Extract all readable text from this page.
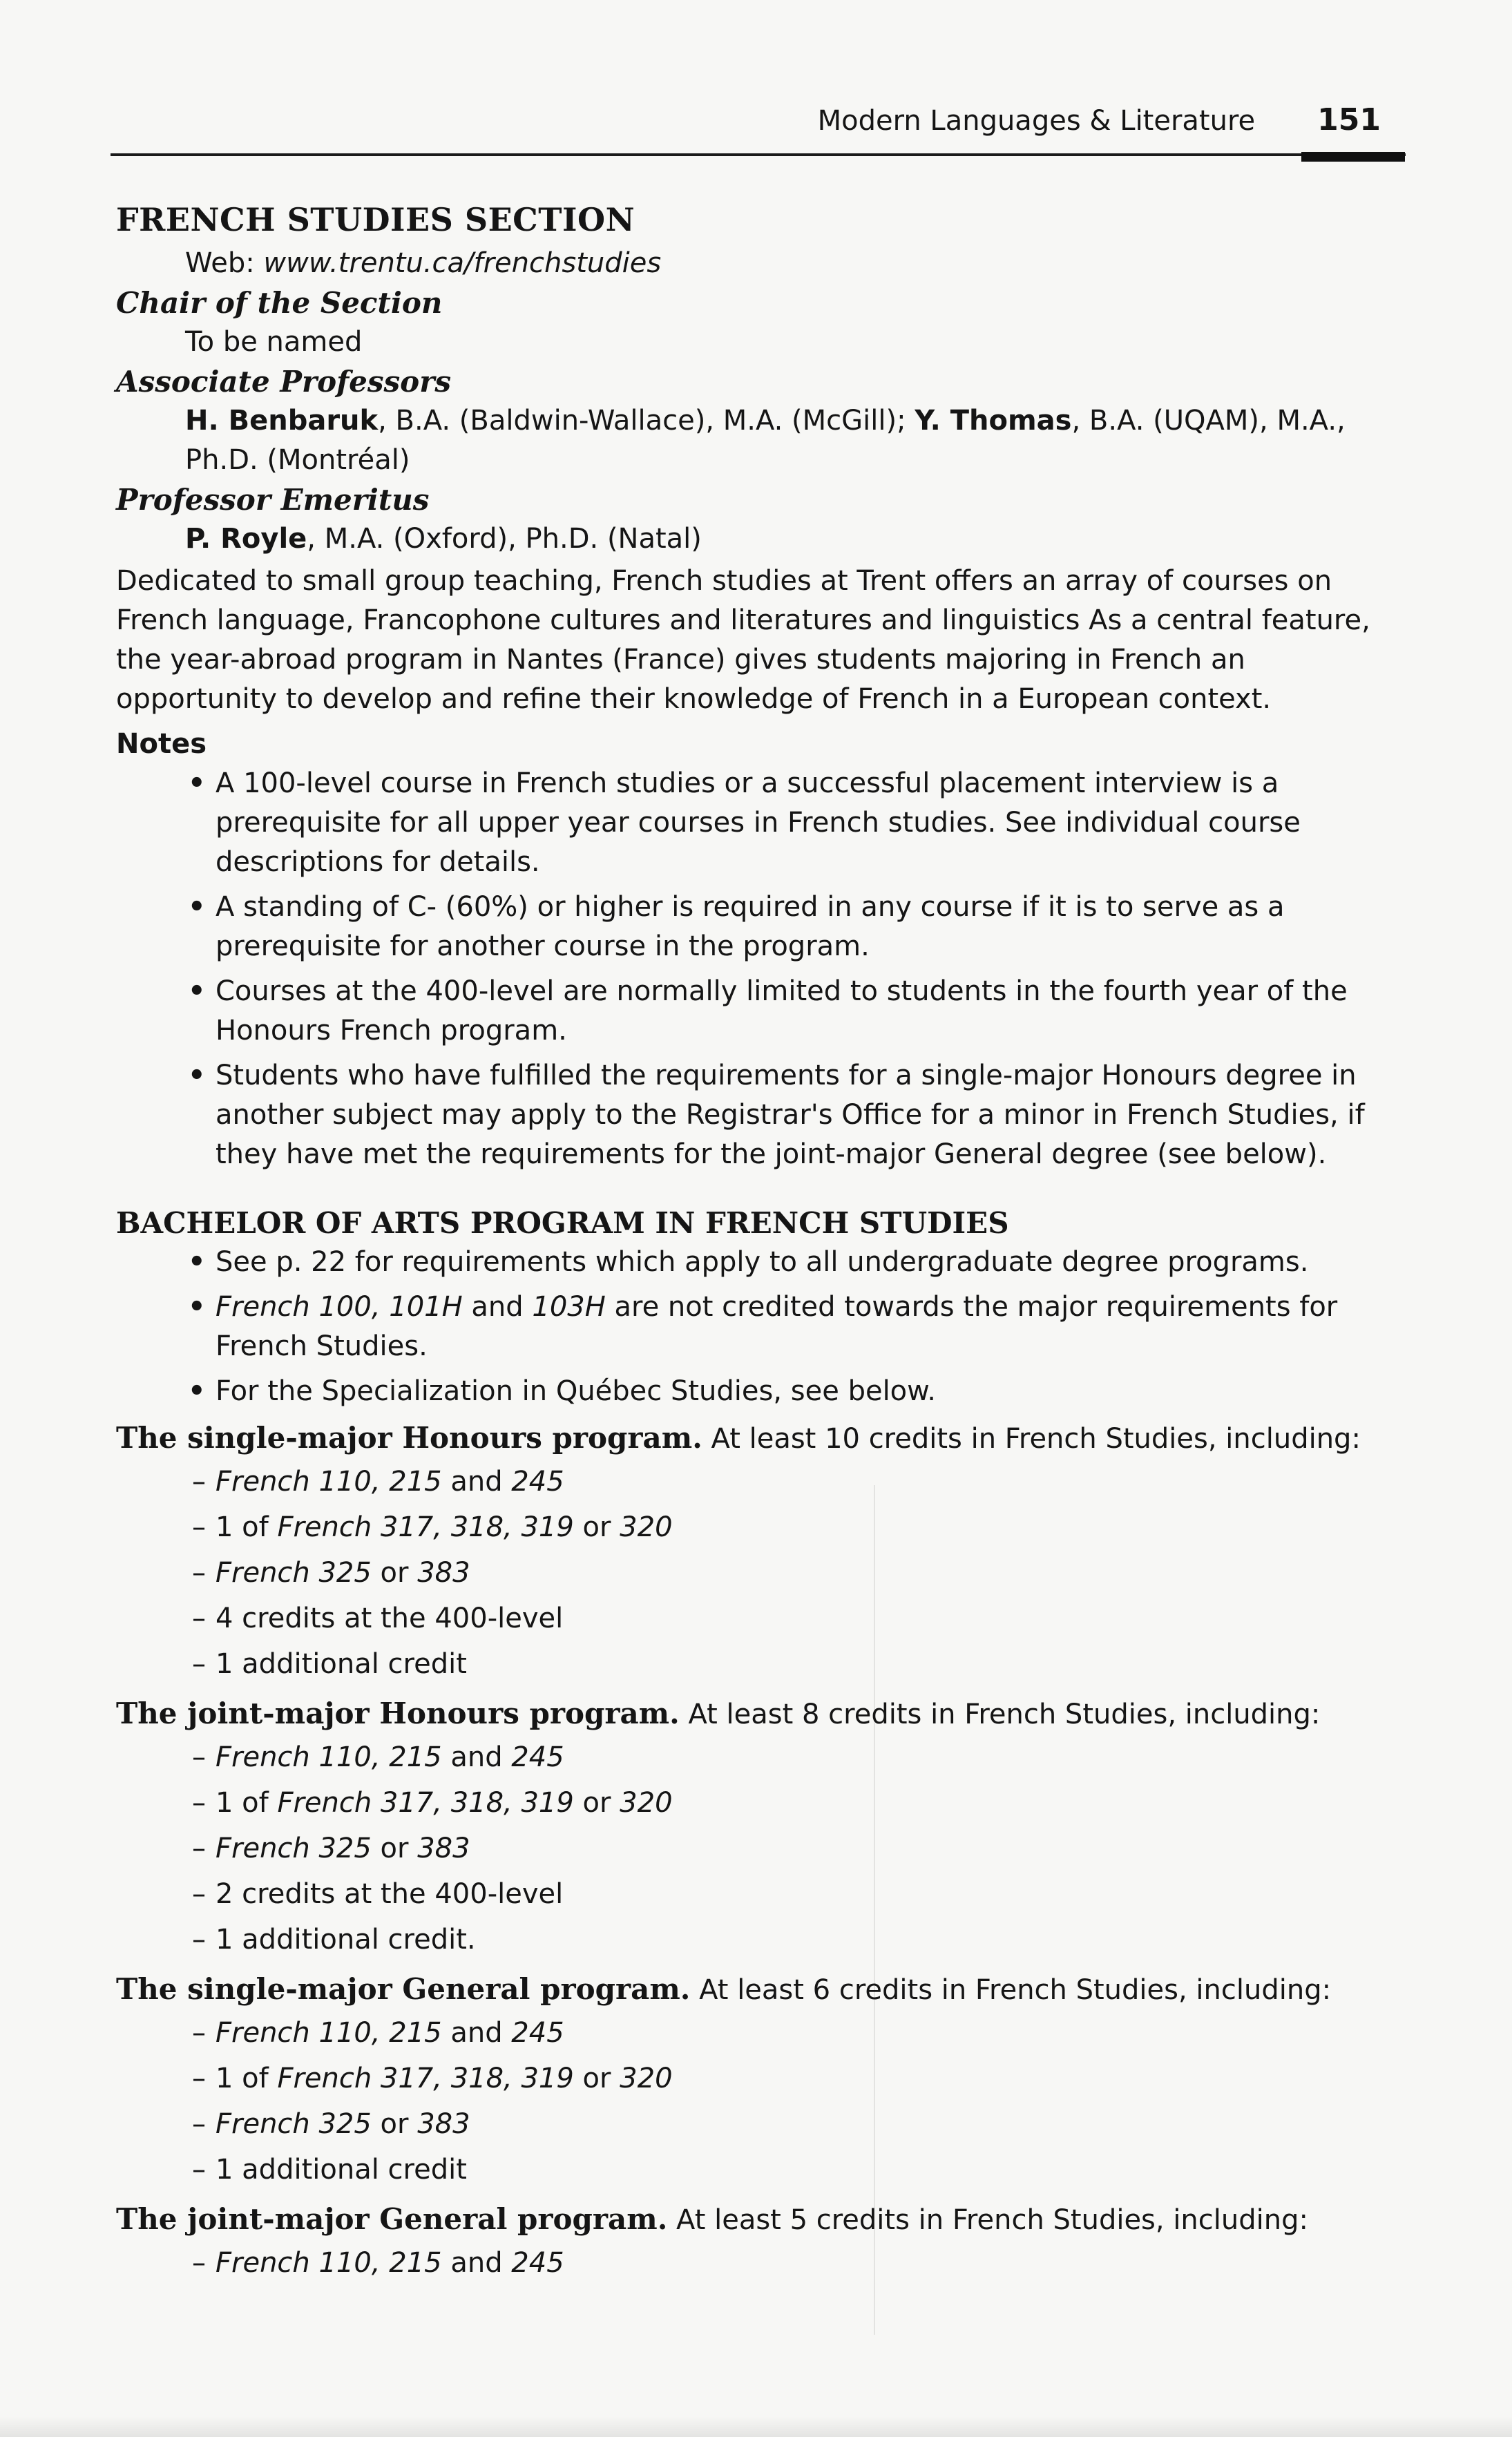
Modern Languages & Literature 151
FRENCH STUDIES SECTION
Web: www.trentu.ca/frenchstudies
Chair of the Section
To be named
Associate Professors
H. Benbaruk, B.A. (Baldwin-Wallace), M.A. (McGill); Y. Thomas, B.A. (UQAM), M.A., Ph.D. (Montréal)
Professor Emeritus
P. Royle, M.A. (Oxford), Ph.D. (Natal)
Dedicated to small group teaching, French studies at Trent offers an array of courses on French language, Francophone cultures and literatures and linguistics As a central feature, the year-abroad program in Nantes (France) gives students majoring in French an opportunity to develop and refine their knowledge of French in a European context.
Notes
• A 100-level course in French studies or a successful placement interview is a prerequisite for all upper year courses in French studies. See individual course descriptions for details.
• A standing of C- (60%) or higher is required in any course if it is to serve as a prerequisite for another course in the program.
• Courses at the 400-level are normally limited to students in the fourth year of the Honours French program.
• Students who have fulfilled the requirements for a single-major Honours degree in another subject may apply to the Registrar's Office for a minor in French Studies, if they have met the requirements for the joint-major General degree (see below).
BACHELOR OF ARTS PROGRAM IN FRENCH STUDIES
• See p. 22 for requirements which apply to all undergraduate degree programs.
• French 100, 101H and 103H are not credited towards the major requirements for French Studies.
• For the Specialization in Québec Studies, see below.
The single-major Honours program. At least 10 credits in French Studies, including:
– French 110, 215 and 245
– 1 of French 317, 318, 319 or 320
– French 325 or 383
– 4 credits at the 400-level
– 1 additional credit
The joint-major Honours program. At least 8 credits in French Studies, including:
– French 110, 215 and 245
– 1 of French 317, 318, 319 or 320
– French 325 or 383
– 2 credits at the 400-level
– 1 additional credit.
The single-major General program. At least 6 credits in French Studies, including:
– French 110, 215 and 245
– 1 of French 317, 318, 319 or 320
– French 325 or 383
– 1 additional credit
The joint-major General program. At least 5 credits in French Studies, including:
– French 110, 215 and 245
